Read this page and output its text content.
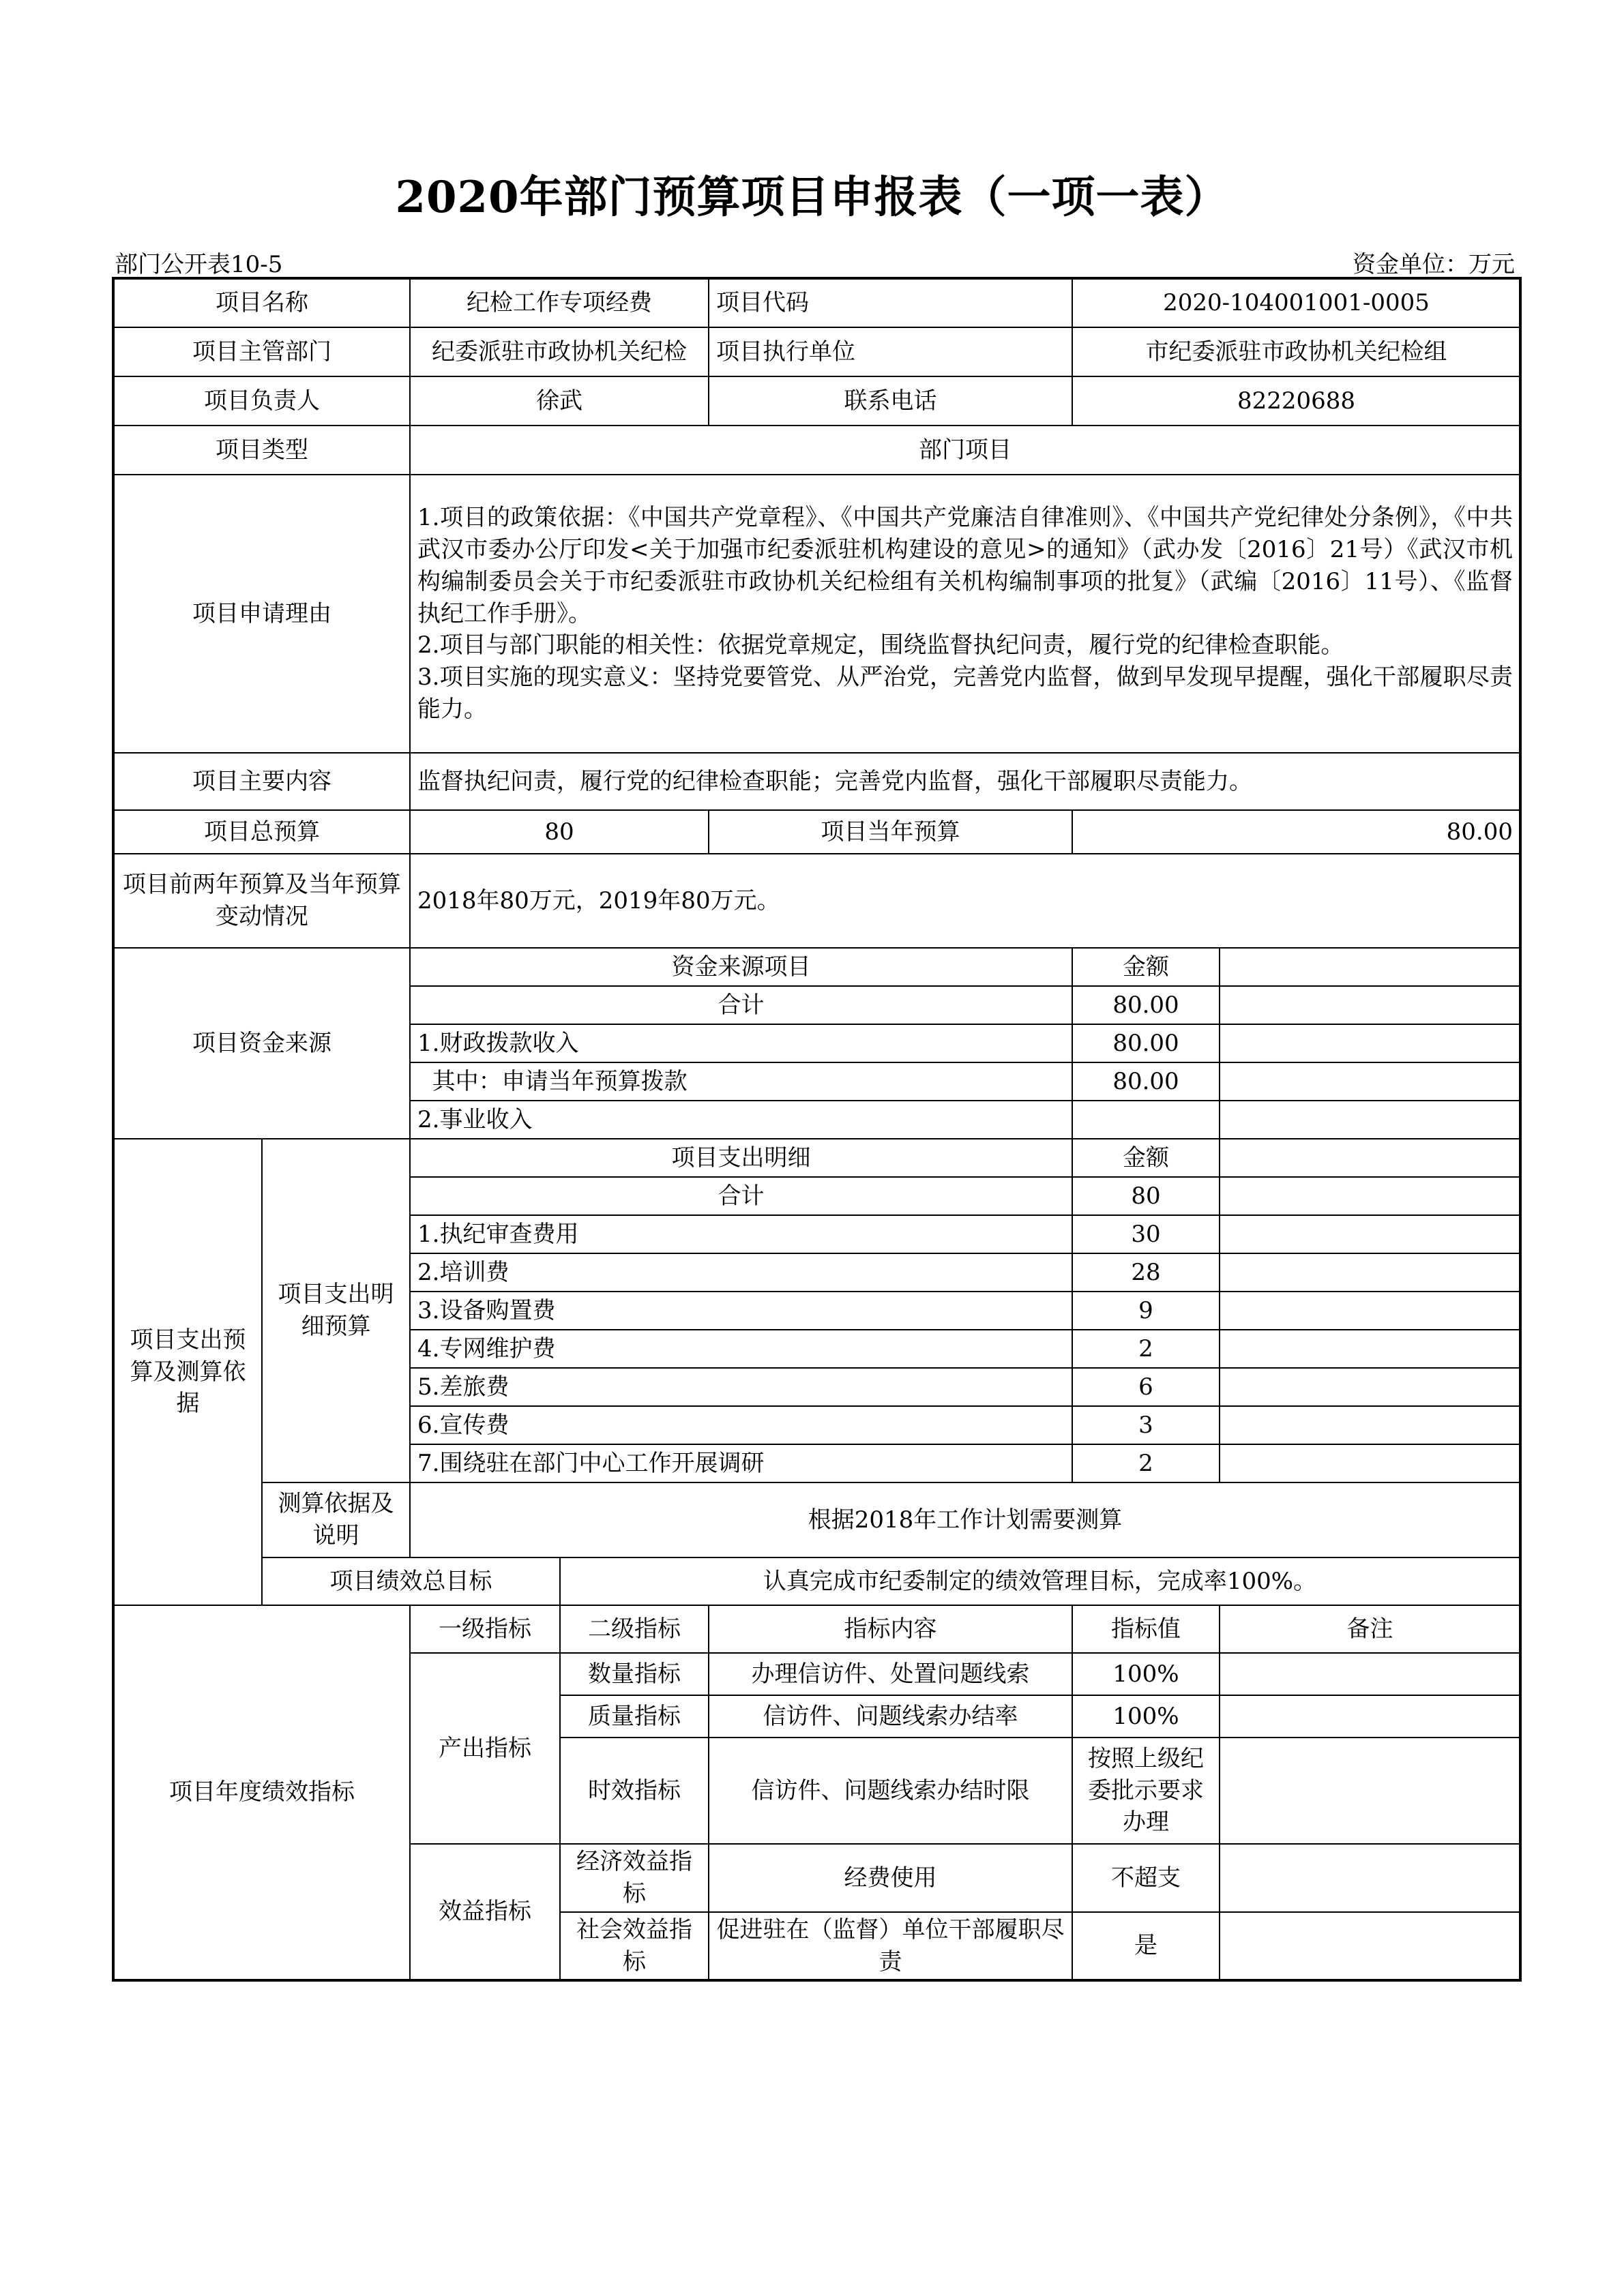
2020年部门预算项目申报表（一项一表）
部门公开表10-5	资金单位：万元
项目名称		纪检工作专项经费		项目代码	2020-104001001-0005	
项目主管部门		纪委派驻市政协机关纪检		项目执行单位	市纪委派驻市政协机关纪检组	
项目负责人		徐武		联系电话	82220688	
项目类型		部门项目				
项目申请理由		1.项目的政策依据：《中国共产党章程》、《中国共产党廉洁自律准则》、《中国共产党纪律处分条例》，《中共武汉市委办公厅印发<关于加强市纪委派驻机构建设的意见>的通知》（武办发〔2016〕21号）《武汉市机构编制委员会关于市纪委派驻市政协机关纪检组有关机构编制事项的批复》（武编〔2016〕11号）、《监督执纪工作手册》。

2.项目与部门职能的相关性：依据党章规定，围绕监督执纪问责，履行党的纪律检查职能。

3.项目实施的现实意义：坚持党要管党、从严治党，完善党内监督，做到早发现早提醒，强化干部履职尽责能力。				

项目主要内容		监督执纪问责，履行党的纪律检查职能；完善党内监督，强化干部履职尽责能力。				
项目总预算		80		项目当年预算	80.00	
项目前两年预算及当年预算变动情况		2018年80万元，2019年80万元。				
项目资金来源		资金来源项目			金额	
		合计			80.00	
		1.财政拨款收入			80.00	
		其中：申请当年预算拨款			80.00	
		2.事业收入				
项目支出预算及测算依据	项目支出明细预算	项目支出明细			金额	
		合计			80	
		1.执纪审查费用			30	
		2.培训费			28	
		3.设备购置费			9	
		4.专网维护费			2	
		5.差旅费			6	
		6.宣传费			3	
		7.围绕驻在部门中心工作开展调研			2	
	测算依据及说明	根据2018年工作计划需要测算				
	项目绩效总目标		认真完成市纪委制定的绩效管理目标，完成率100%。			
项目年度绩效指标		一级指标	二级指标	指标内容	指标值	备注
		产出指标	数量指标	办理信访件、处置问题线索	100%	
			质量指标	信访件、问题线索办结率	100%	
			时效指标	信访件、问题线索办结时限	按照上级纪委批示要求办理	
		效益指标	经济效益指标	经费使用	不超支	
			社会效益指标	促进驻在（监督）单位干部履职尽责	是	
